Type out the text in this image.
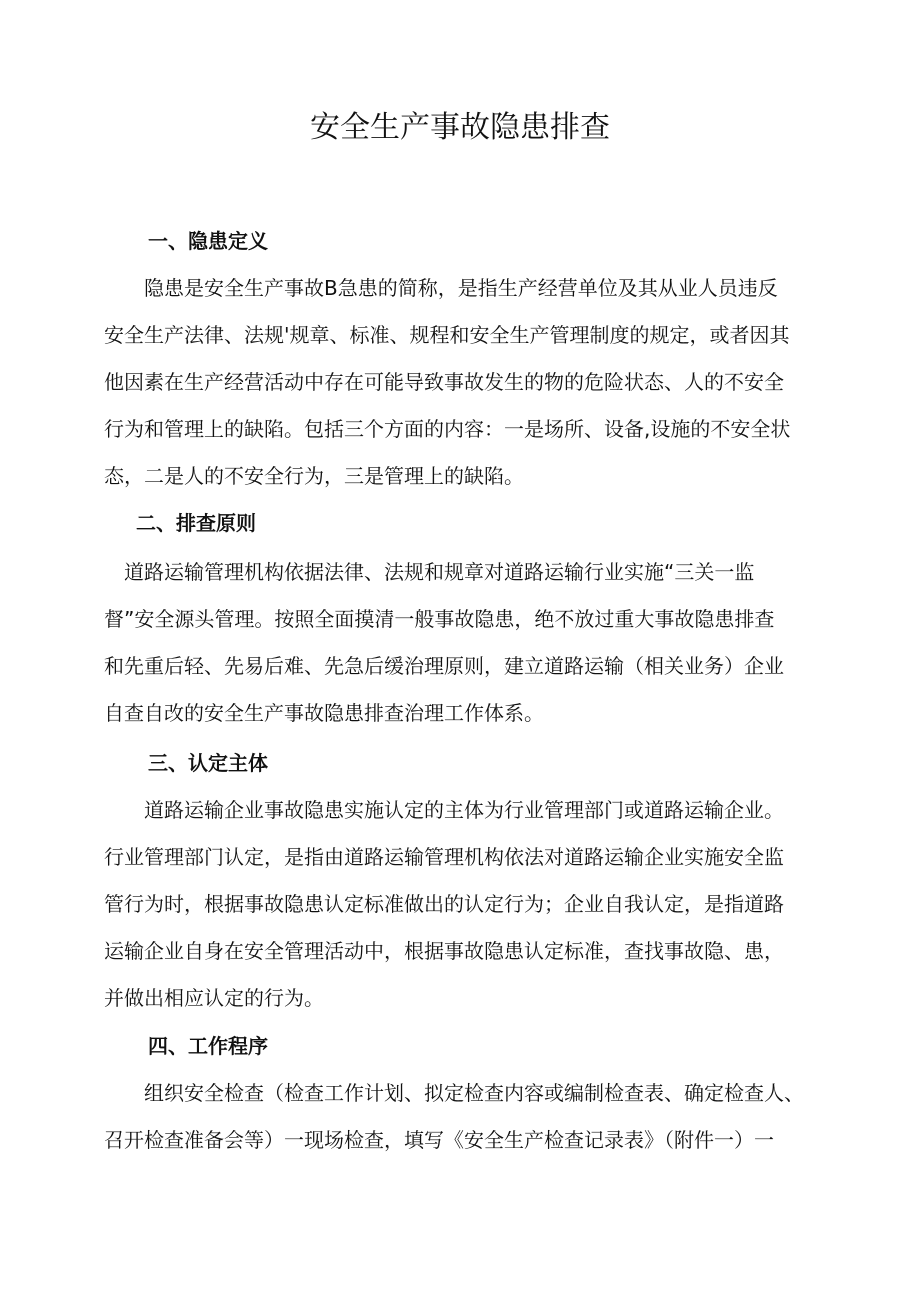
安全生产事故隐患排查
一、隐患定义
　　隐患是安全生产事故B急患的简称，是指生产经营单位及其从业人员违反
安全生产法律、法规'规章、标准、规程和安全生产管理制度的规定，或者因其
他因素在生产经营活动中存在可能导致事故发生的物的危险状态、人的不安全
行为和管理上的缺陷。包括三个方面的内容：一是场所、设备,设施的不安全状
态，二是人的不安全行为，三是管理上的缺陷。
二、排查原则
　道路运输管理机构依据法律、法规和规章对道路运输行业实施“三关一监
督”安全源头管理。按照全面摸清一般事故隐患，绝不放过重大事故隐患排查
和先重后轻、先易后难、先急后缓治理原则，建立道路运输（相关业务）企业
自查自改的安全生产事故隐患排查治理工作体系。
三、认定主体
　　道路运输企业事故隐患实施认定的主体为行业管理部门或道路运输企业。
行业管理部门认定，是指由道路运输管理机构依法对道路运输企业实施安全监
管行为时，根据事故隐患认定标准做出的认定行为；企业自我认定，是指道路
运输企业自身在安全管理活动中，根据事故隐患认定标准，查找事故隐、患，
并做出相应认定的行为。
四、工作程序
　　组织安全检查（检查工作计划、拟定检查内容或编制检查表、确定检查人、
召开检查准备会等）一现场检查，填写《安全生产检查记录表》（附件一）一
